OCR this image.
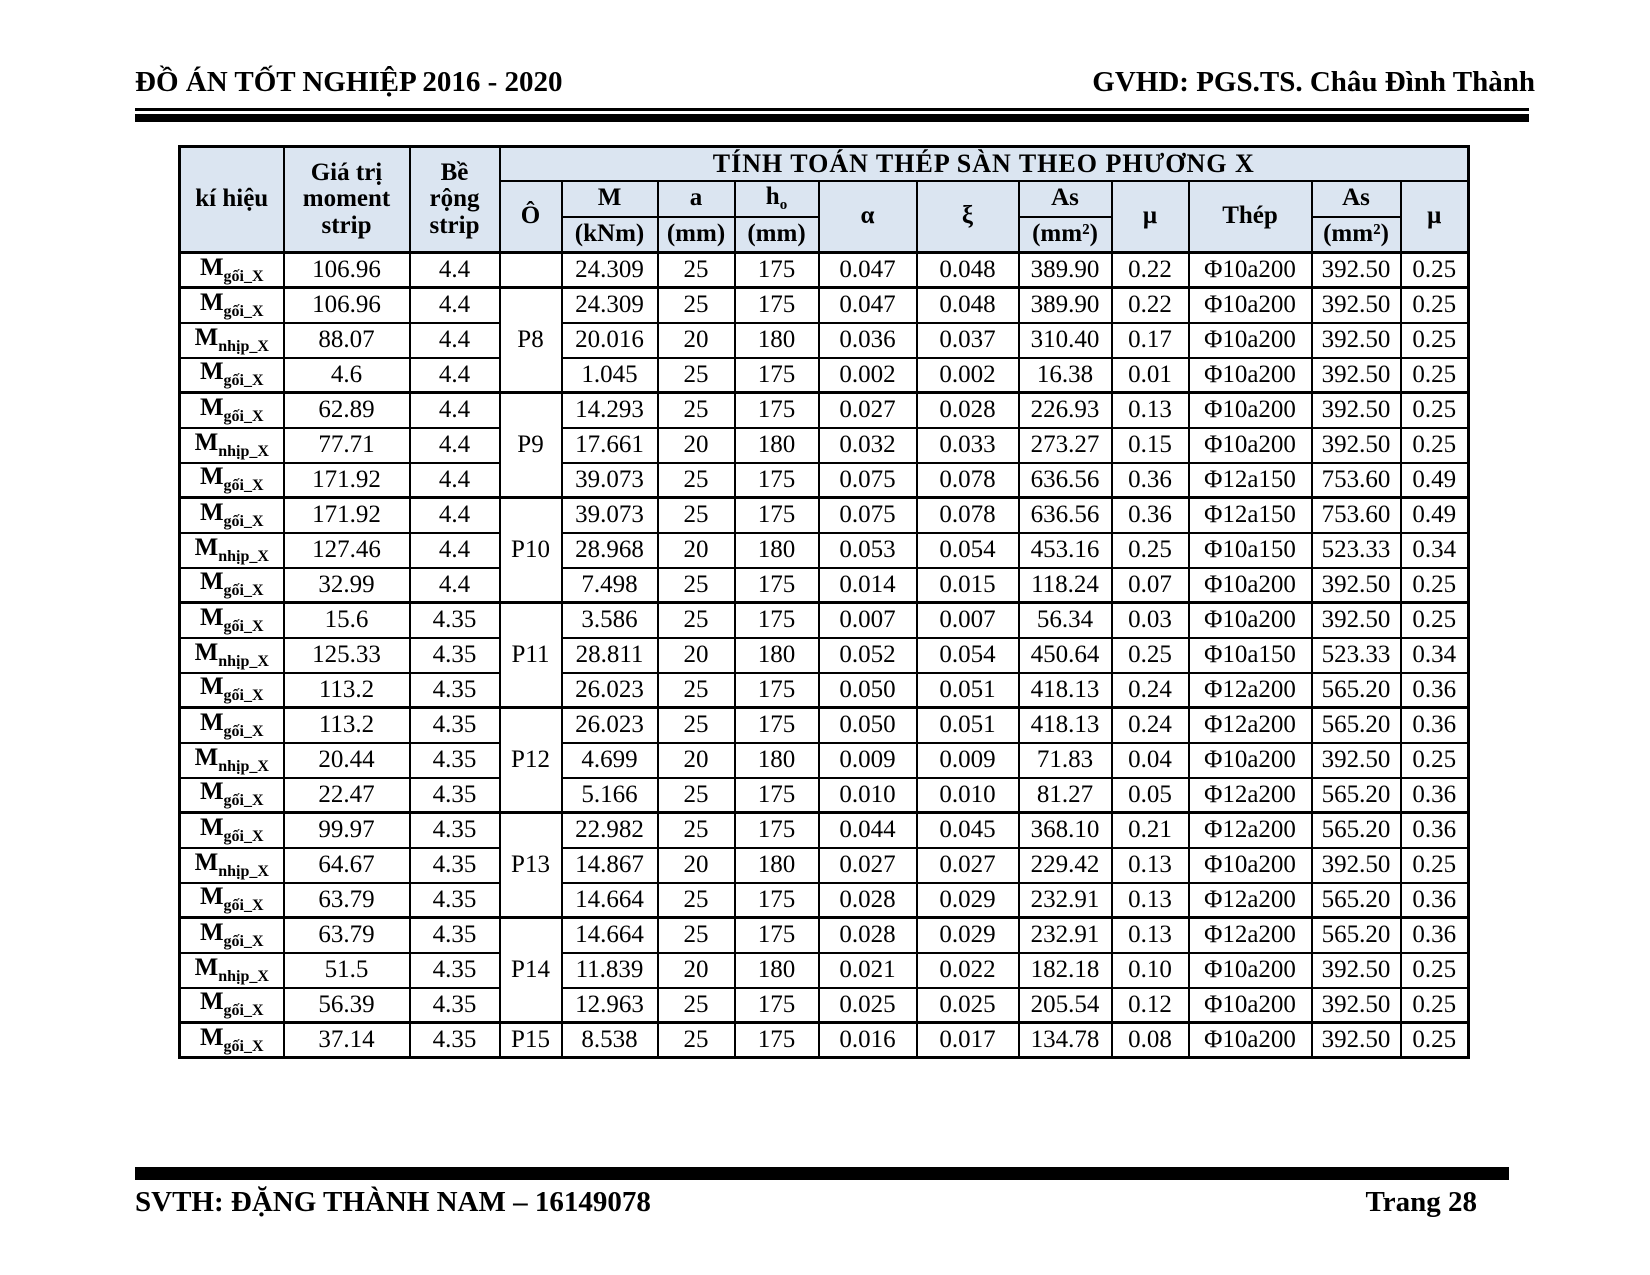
ĐỒ ÁN TỐT NGHIỆP 2016 - 2020	GVHD: PGS.TS. Châu Đình Thành
kí hiệu	Giá trị moment strip	Bề rộng strip	TÍNH TOÁN THÉP SÀN THEO PHƯƠNG X										
			Ô	M	a	$h_o$	α	ξ	As	μ	Thép	As	μ
				(kNm)	(mm)	(mm)			(mm²)			(mm²)	
$M_{gối\_X}$	106.96	4.4		24.309	25	175	0.047	0.048	389.90	0.22	Φ10a200	392.50	0.25
$M_{gối\_X}$	106.96	4.4	P8	24.309	25	175	0.047	0.048	389.90	0.22	Φ10a200	392.50	0.25
$M_{nhịp\_X}$	88.07	4.4		20.016	20	180	0.036	0.037	310.40	0.17	Φ10a200	392.50	0.25
$M_{gối\_X}$	4.6	4.4		1.045	25	175	0.002	0.002	16.38	0.01	Φ10a200	392.50	0.25
$M_{gối\_X}$	62.89	4.4	P9	14.293	25	175	0.027	0.028	226.93	0.13	Φ10a200	392.50	0.25
$M_{nhịp\_X}$	77.71	4.4		17.661	20	180	0.032	0.033	273.27	0.15	Φ10a200	392.50	0.25
$M_{gối\_X}$	171.92	4.4		39.073	25	175	0.075	0.078	636.56	0.36	Φ12a150	753.60	0.49
$M_{gối\_X}$	171.92	4.4	P10	39.073	25	175	0.075	0.078	636.56	0.36	Φ12a150	753.60	0.49
$M_{nhịp\_X}$	127.46	4.4		28.968	20	180	0.053	0.054	453.16	0.25	Φ10a150	523.33	0.34
$M_{gối\_X}$	32.99	4.4		7.498	25	175	0.014	0.015	118.24	0.07	Φ10a200	392.50	0.25
$M_{gối\_X}$	15.6	4.35	P11	3.586	25	175	0.007	0.007	56.34	0.03	Φ10a200	392.50	0.25
$M_{nhịp\_X}$	125.33	4.35		28.811	20	180	0.052	0.054	450.64	0.25	Φ10a150	523.33	0.34
$M_{gối\_X}$	113.2	4.35		26.023	25	175	0.050	0.051	418.13	0.24	Φ12a200	565.20	0.36
$M_{gối\_X}$	113.2	4.35	P12	26.023	25	175	0.050	0.051	418.13	0.24	Φ12a200	565.20	0.36
$M_{nhịp\_X}$	20.44	4.35		4.699	20	180	0.009	0.009	71.83	0.04	Φ10a200	392.50	0.25
$M_{gối\_X}$	22.47	4.35		5.166	25	175	0.010	0.010	81.27	0.05	Φ12a200	565.20	0.36
$M_{gối\_X}$	99.97	4.35	P13	22.982	25	175	0.044	0.045	368.10	0.21	Φ12a200	565.20	0.36
$M_{nhịp\_X}$	64.67	4.35		14.867	20	180	0.027	0.027	229.42	0.13	Φ10a200	392.50	0.25
$M_{gối\_X}$	63.79	4.35		14.664	25	175	0.028	0.029	232.91	0.13	Φ12a200	565.20	0.36
$M_{gối\_X}$	63.79	4.35	P14	14.664	25	175	0.028	0.029	232.91	0.13	Φ12a200	565.20	0.36
$M_{nhịp\_X}$	51.5	4.35		11.839	20	180	0.021	0.022	182.18	0.10	Φ10a200	392.50	0.25
$M_{gối\_X}$	56.39	4.35		12.963	25	175	0.025	0.025	205.54	0.12	Φ10a200	392.50	0.25
$M_{gối\_X}$	37.14	4.35	P15	8.538	25	175	0.016	0.017	134.78	0.08	Φ10a200	392.50	0.25
SVTH: ĐẶNG THÀNH NAM – 16149078	Trang 28
